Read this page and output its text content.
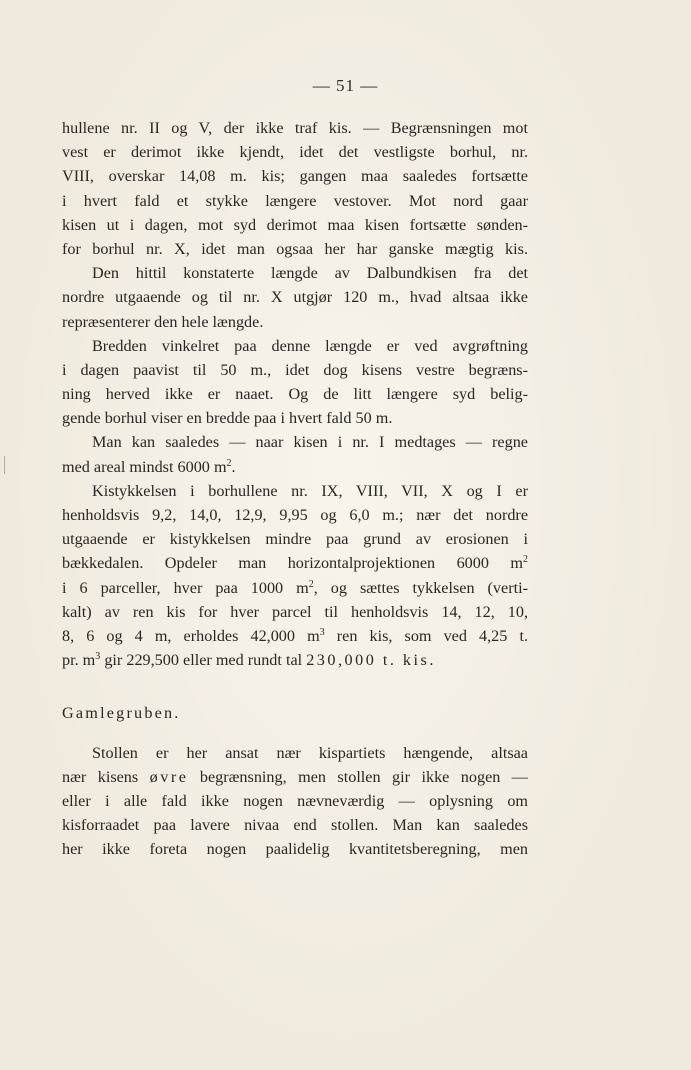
— 51 —
hullene nr. II og V, der ikke traf kis. — Begrænsningen mot
vest er derimot ikke kjendt, idet det vestligste borhul, nr.
VIII, overskar 14,08 m. kis; gangen maa saaledes fortsætte
i hvert fald et stykke længere vestover. Mot nord gaar
kisen ut i dagen, mot syd derimot maa kisen fortsætte sønden-
for borhul nr. X, idet man ogsaa her har ganske mægtig kis.
Den hittil konstaterte længde av Dalbundkisen fra det
nordre utgaaende og til nr. X utgjør 120 m., hvad altsaa ikke
repræsenterer den hele længde.
Bredden vinkelret paa denne længde er ved avgrøftning
i dagen paavist til 50 m., idet dog kisens vestre begræns-
ning herved ikke er naaet. Og de litt længere syd belig-
gende borhul viser en bredde paa i hvert fald 50 m.
Man kan saaledes — naar kisen i nr. I medtages — regne
med areal mindst 6000 $m^2$.
Kistykkelsen i borhullene nr. IX, VIII, VII, X og I er
henholdsvis 9,2, 14,0, 12,9, 9,95 og 6,0 m.; nær det nordre
utgaaende er kistykkelsen mindre paa grund av erosionen i
bækkedalen. Opdeler man horizontalprojektionen 6000 $m^2$
i 6 parceller, hver paa 1000 $m^2$, og sættes tykkelsen (verti-
kalt) av ren kis for hver parcel til henholdsvis 14, 12, 10,
8, 6 og 4 m, erholdes 42,000 $m^3$ ren kis, som ved 4,25 t.
pr. $m^3$ gir 229,500 eller med rundt tal 230,000 t. kis.
Gamlegruben.
Stollen er her ansat nær kispartiets hængende, altsaa
nær kisens øvre begrænsning, men stollen gir ikke nogen —
eller i alle fald ikke nogen nævneværdig — oplysning om
kisforraadet paa lavere nivaa end stollen. Man kan saaledes
her ikke foreta nogen paalidelig kvantitetsberegning, men
